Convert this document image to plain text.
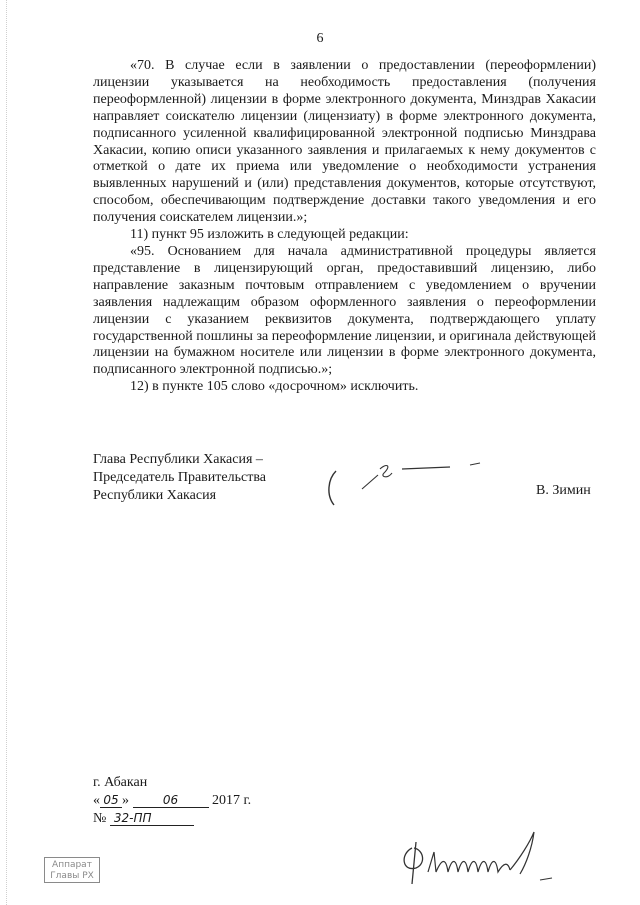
6

«70. В случае если в заявлении о предоставлении (переоформлении) лицензии указывается на необходимость предоставления (получения переоформленной) лицензии в форме электронного документа, Минздрав Хакасии направляет соискателю лицензии (лицензиату) в форме электронного документа, подписанного усиленной квалифицированной электронной подписью Минздрава Хакасии, копию описи указанного заявления и прилагаемых к нему документов с отметкой о дате их приема или уведомление о необходимости устранения выявленных нарушений и (или) представления документов, которые отсутствуют, способом, обеспечивающим подтверждение доставки такого уведомления и его получения соискателем лицензии.»;

11) пункт 95 изложить в следующей редакции:

«95. Основанием для начала административной процедуры является представление в лицензирующий орган, предоставивший лицензию, либо направление заказным почтовым отправлением с уведомлением о вручении заявления надлежащим образом оформленного заявления о переоформлении лицензии с указанием реквизитов документа, подтверждающего уплату государственной пошлины за переоформление лицензии, и оригинала действующей лицензии на бумажном носителе или лицензии в форме электронного документа, подписанного электронной подписью.»;

12) в пункте 105 слово «досрочном» исключить.

Глава Республики Хакасия –
Председатель Правительства
Республики Хакасия	В. Зимин
г. Абакан
« 05 »	06 2017 г.
№ 32-ПП
Аппарат
Главы РХ
